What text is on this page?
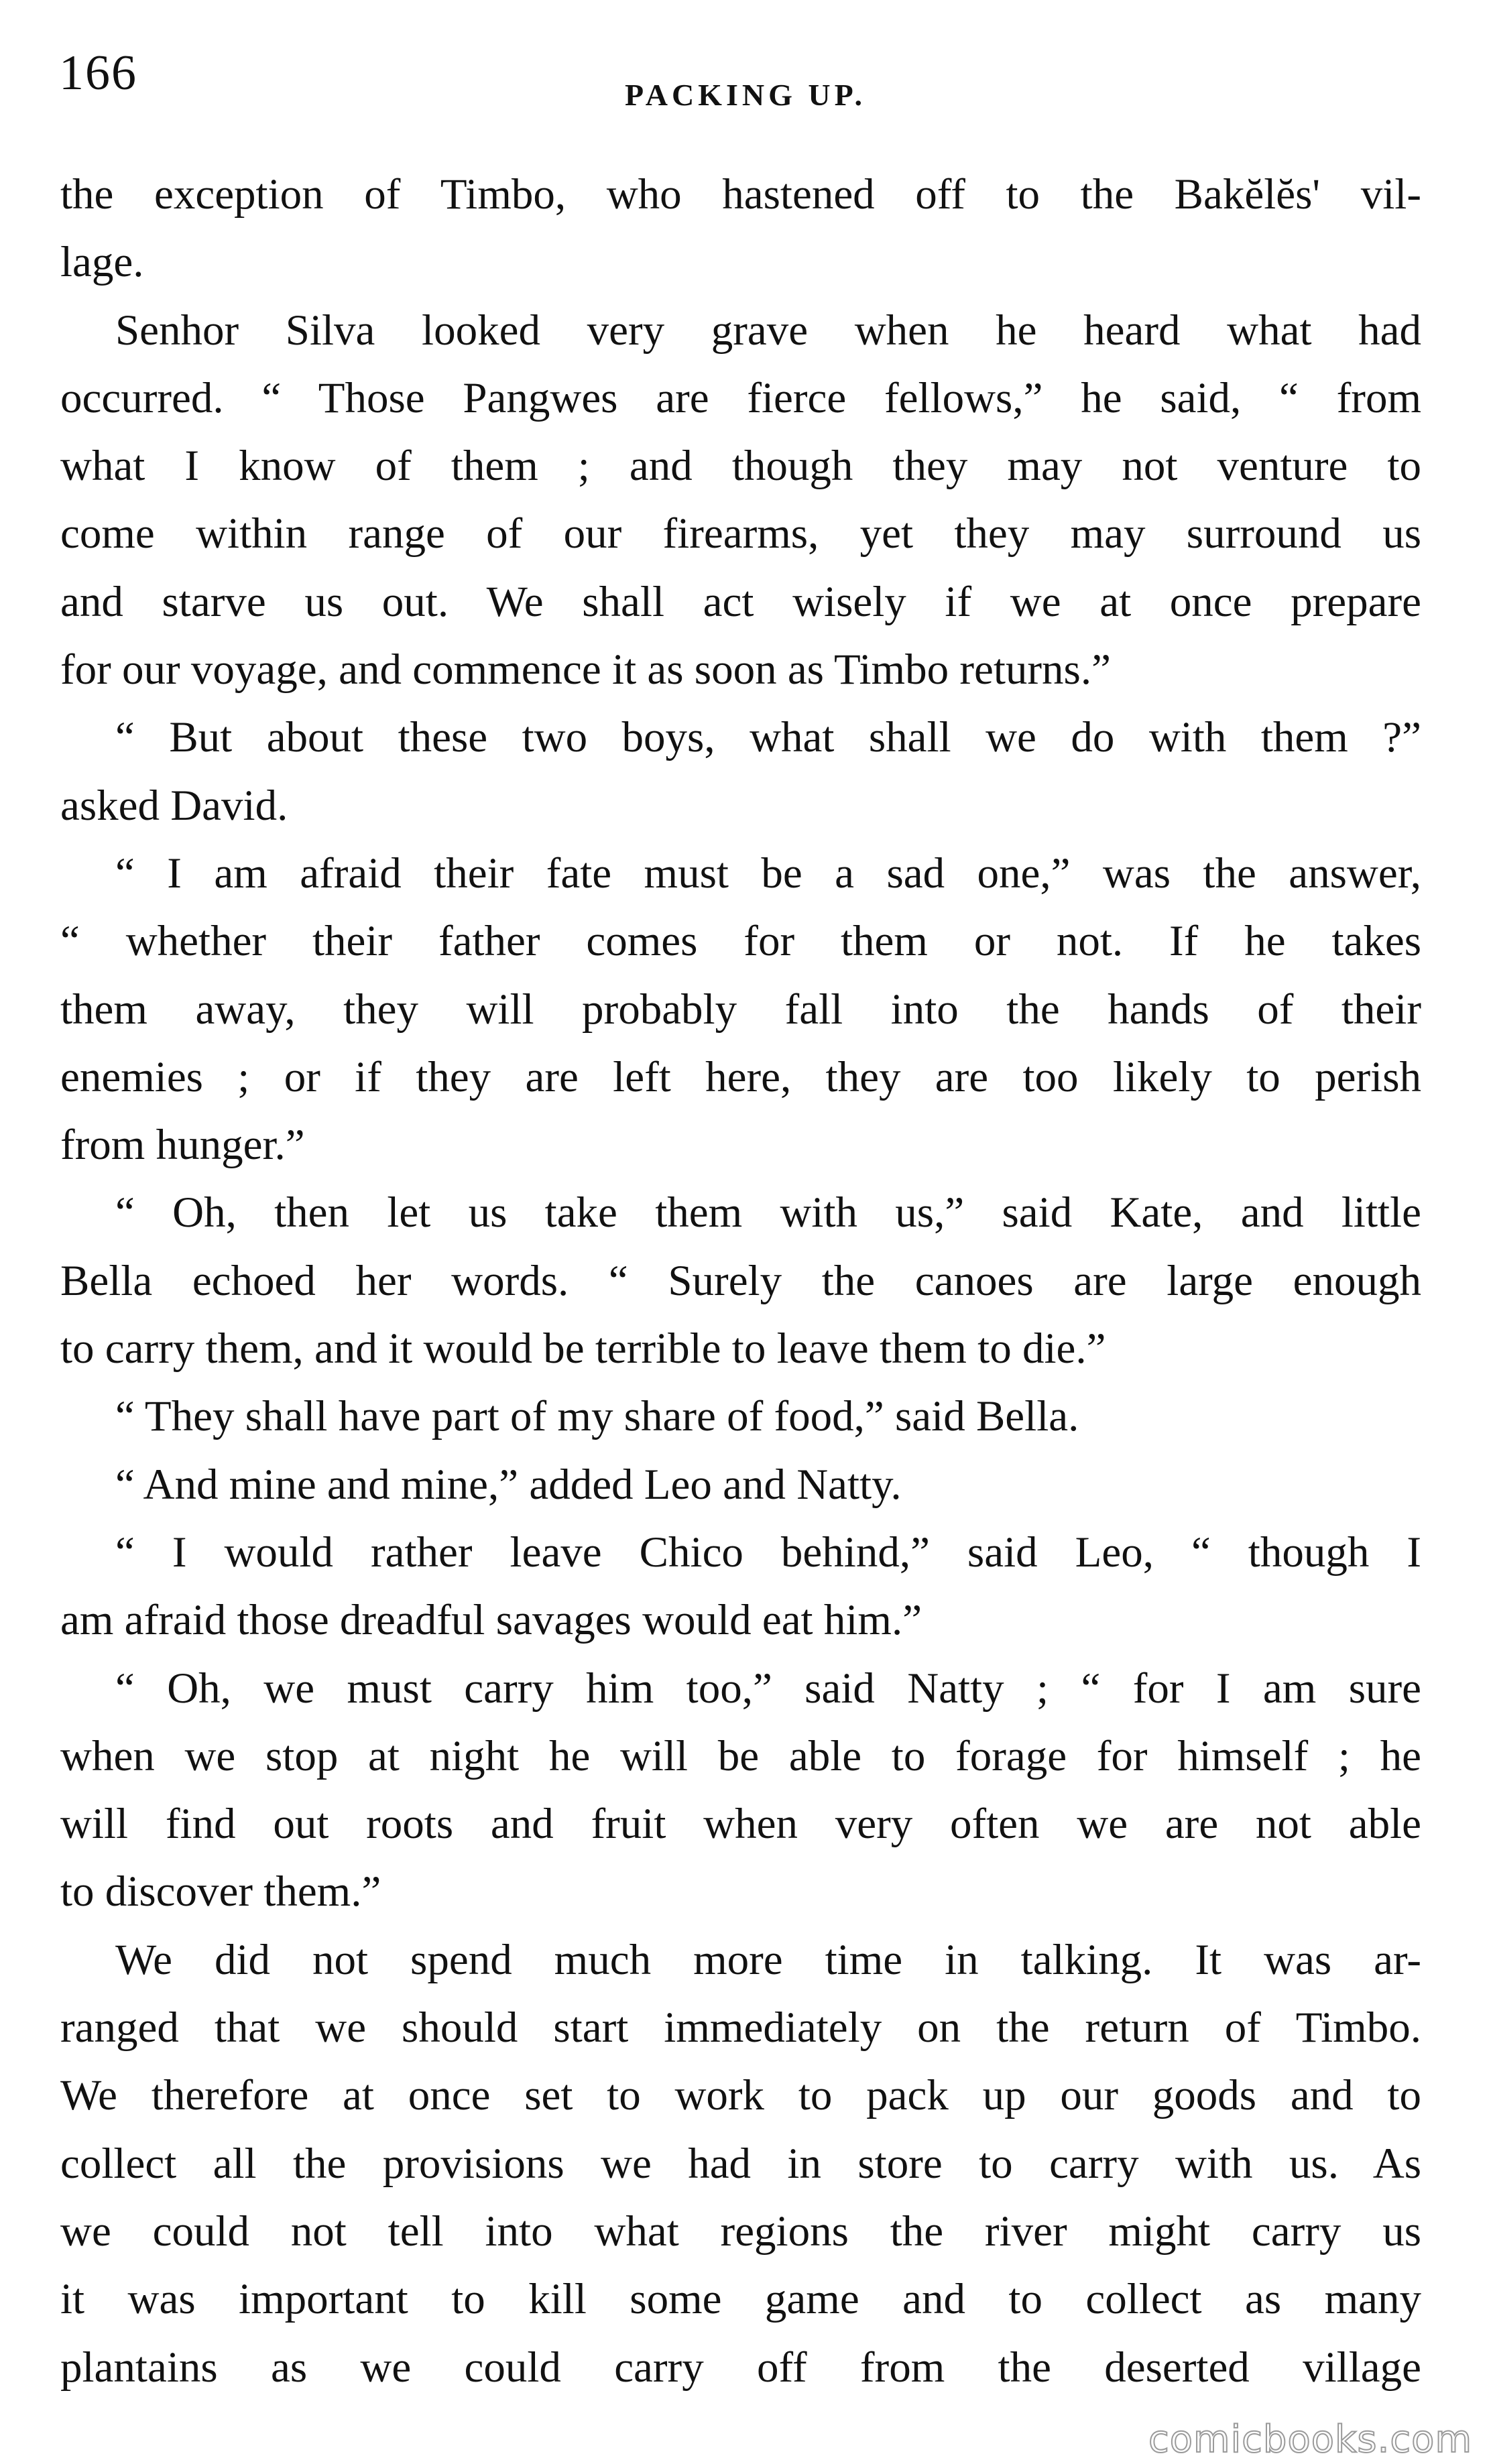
166	PACKING UP.
the exception of Timbo, who hastened off to the Bakĕlĕs' vil-
lage.
Senhor Silva looked very grave when he heard what had
occurred. “ Those Pangwes are fierce fellows,” he said, “ from
what I know of them ; and though they may not venture to
come within range of our firearms, yet they may surround us
and starve us out. We shall act wisely if we at once prepare
for our voyage, and commence it as soon as Timbo returns.”
“ But about these two boys, what shall we do with them ?”
asked David.
“ I am afraid their fate must be a sad one,” was the answer,
“ whether their father comes for them or not. If he takes
them away, they will probably fall into the hands of their
enemies ; or if they are left here, they are too likely to perish
from hunger.”
“ Oh, then let us take them with us,” said Kate, and little
Bella echoed her words. “ Surely the canoes are large enough
to carry them, and it would be terrible to leave them to die.”
“ They shall have part of my share of food,” said Bella.
“ And mine and mine,” added Leo and Natty.
“ I would rather leave Chico behind,” said Leo, “ though I
am afraid those dreadful savages would eat him.”
“ Oh, we must carry him too,” said Natty ; “ for I am sure
when we stop at night he will be able to forage for himself ; he
will find out roots and fruit when very often we are not able
to discover them.”
We did not spend much more time in talking. It was ar-
ranged that we should start immediately on the return of Timbo.
We therefore at once set to work to pack up our goods and to
collect all the provisions we had in store to carry with us. As
we could not tell into what regions the river might carry us
it was important to kill some game and to collect as many
plantains as we could carry off from the deserted village
comicbooks.com
